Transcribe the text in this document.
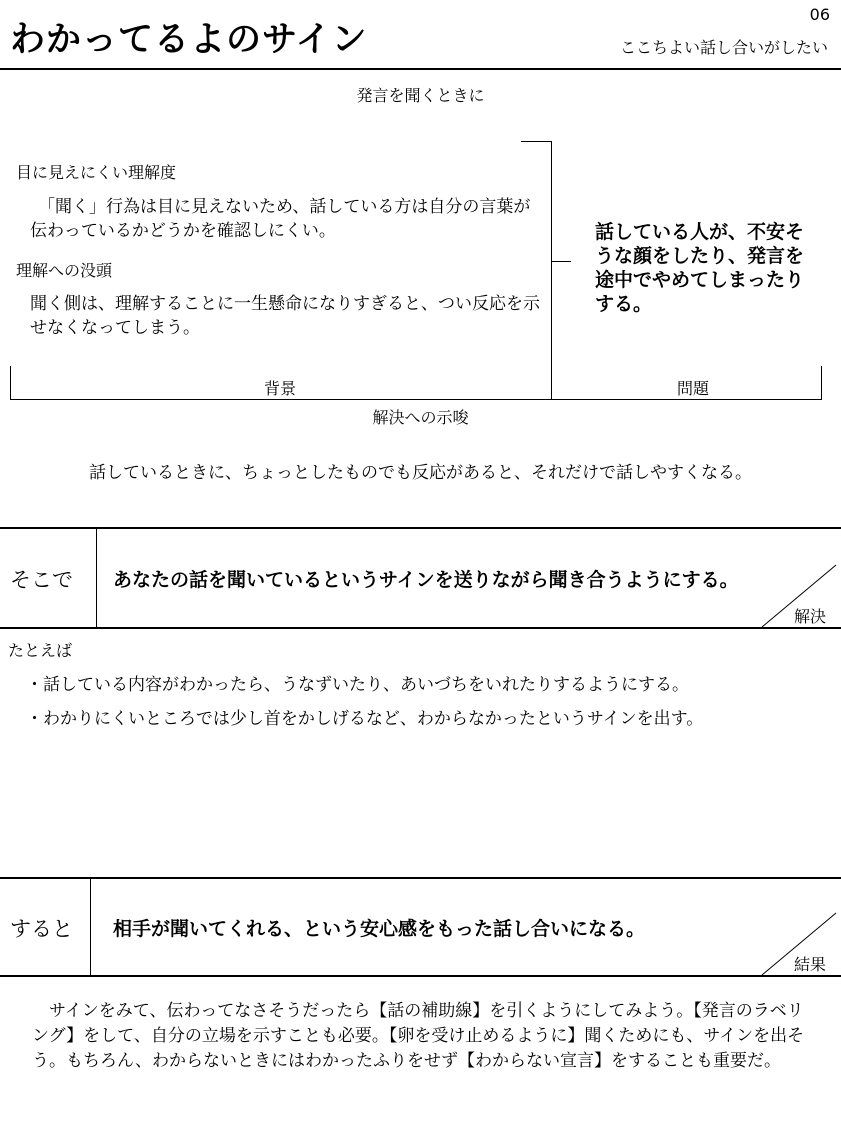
06
わかってるよのサイン	ここちよい話し合いがしたい
発言を聞くときに
目に見えにくい理解度
「聞く」行為は目に見えないため、話している方は自分の言葉が伝わっているかどうかを確認しにくい。
理解への没頭
聞く側は、理解することに一生懸命になりすぎると、つい反応を示せなくなってしまう。
話している人が、不安そうな顔をしたり、発言を途中でやめてしまったりする。
背景	問題
解決への示唆
話しているときに、ちょっとしたものでも反応があると、それだけで話しやすくなる。
そこで あなたの話を聞いているというサインを送りながら聞き合うようにする。
解決
たとえば
・話している内容がわかったら、うなずいたり、あいづちをいれたりするようにする。
・わかりにくいところでは少し首をかしげるなど、わからなかったというサインを出す。
すると 相手が聞いてくれる、という安心感をもった話し合いになる。
結果
サインをみて、伝わってなさそうだったら【話の補助線】を引くようにしてみよう。【発言のラベリング】をして、自分の立場を示すことも必要。【卵を受け止めるように】聞くためにも、サインを出そう。もちろん、わからないときにはわかったふりをせず【わからない宣言】をすることも重要だ。
